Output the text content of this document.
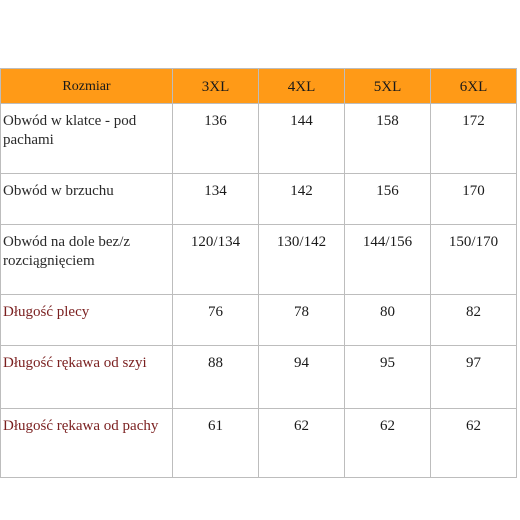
Rozmiar	3XL	4XL	5XL	6XL

Obwód w klatce - pod pachami	136	144	158	172
Obwód w brzuchu	134	142	156	170
Obwód na dole bez/z rozciągnięciem	120/134	130/142	144/156	150/170
Długość plecy	76	78	80	82
Długość rękawa od szyi	88	94	95	97
Długość rękawa od pachy	61	62	62	62
